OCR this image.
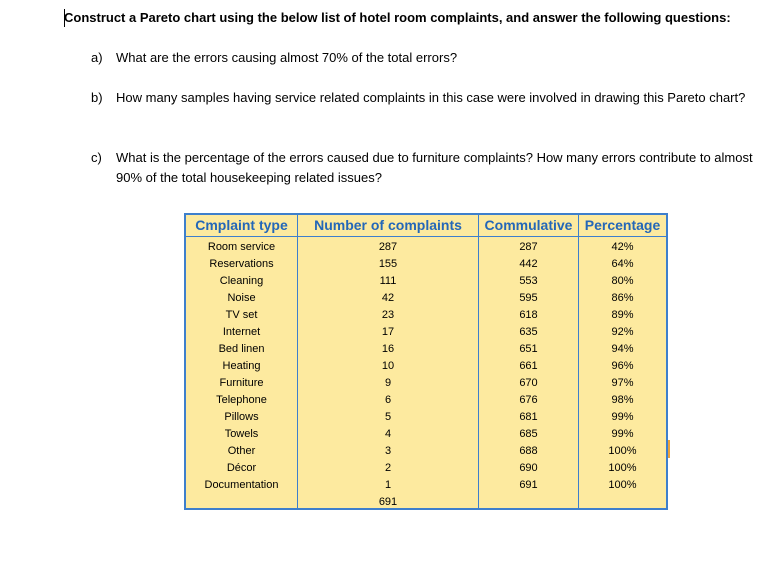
Construct a Pareto chart using the below list of hotel room complaints, and answer the following questions:
a) What are the errors causing almost 70% of the total errors?
b) How many samples having service related complaints in this case were involved in drawing this Pareto chart?
c) What is the percentage of the errors caused due to furniture complaints? How many errors contribute to almost 90% of the total housekeeping related issues?
Cmplaint type
Room service
Reservations
Cleaning
Noise
TV set
Internet
Bed linen
Heating
Furniture
Telephone
Pillows
Towels
Other
Décor
Documentation
Number of complaints
287
155
111
42
23
17
16
10
9
6
5
4
3
2
1
691
Commulative
287
442
553
595
618
635
651
661
670
676
681
685
688
690
691
Percentage
42%
64%
80%
86%
89%
92%
94%
96%
97%
98%
99%
99%
100%
100%
100%
